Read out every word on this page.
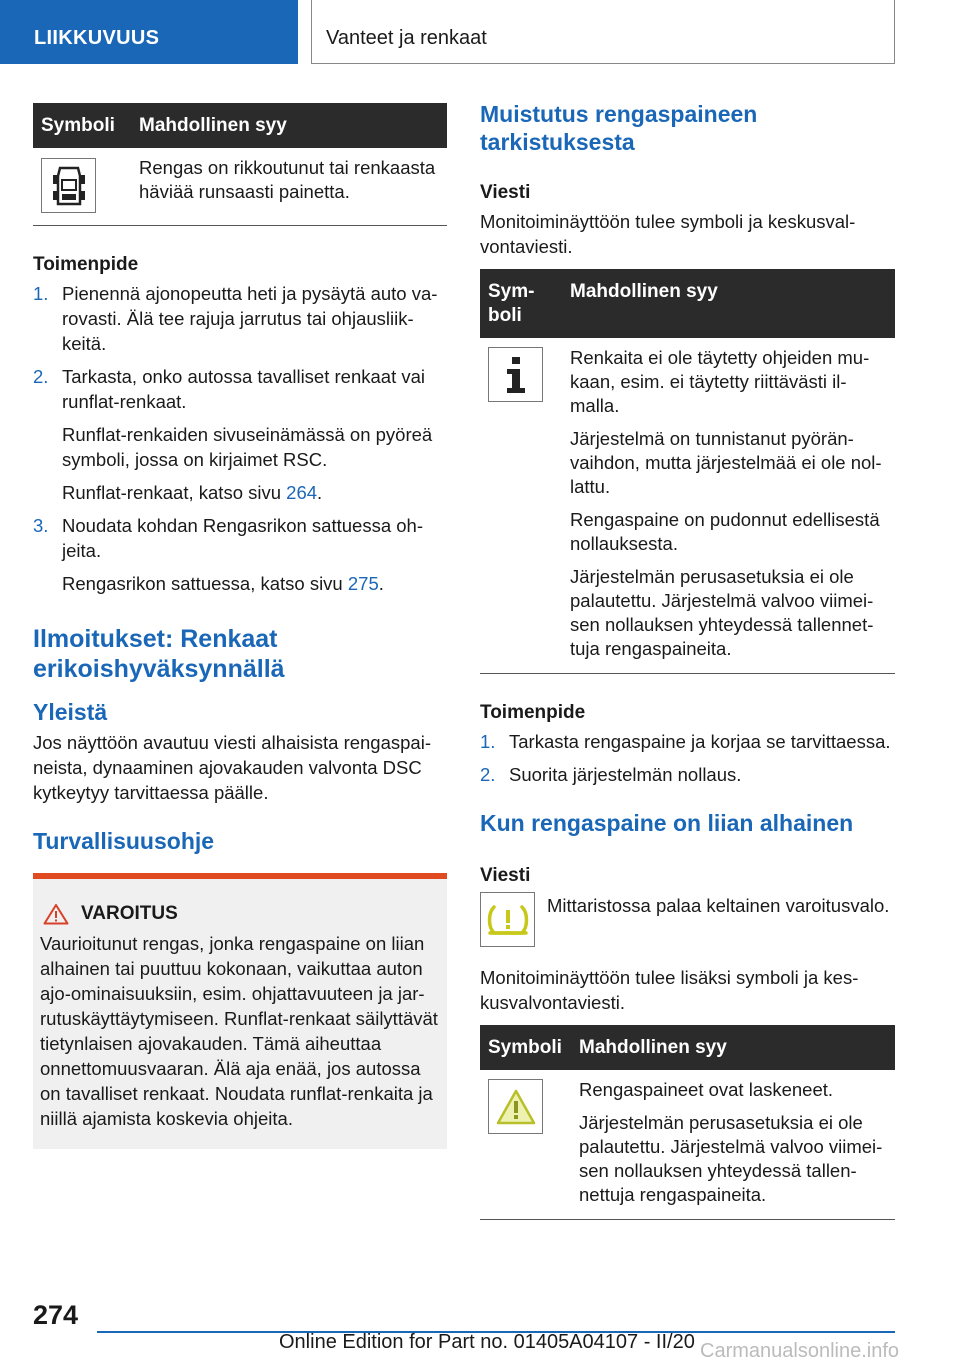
LIIKKUVUUS	Vanteet ja renkaat
Symboli	Mahdollinen syy

Rengas on rikkoutunut tai renkaasta häviää runsaasti painetta.

Toimenpide

1. Pienennä ajonopeutta heti ja pysäytä auto varovasti. Älä tee rajuja jarrutus tai ohjausliikkeitä.

2. Tarkasta, onko autossa tavalliset renkaat vai runflat-renkaat.

Runflat-renkaiden sivuseinämässä on pyöreä symboli, jossa on kirjaimet RSC.

Runflat-renkaat, katso sivu 264.

3. Noudata kohdan Rengasrikon sattuessa ohjeita.

Rengasrikon sattuessa, katso sivu 275.

Ilmoitukset: Renkaat erikoishyväksynnällä
Yleistä

Jos näyttöön avautuu viesti alhaisista rengaspaineista, dynaaminen ajovakauden valvonta DSC kytkeytyy tarvittaessa päälle.

Turvallisuusohje
VAROITUS

Vaurioitunut rengas, jonka rengaspaine on liian alhainen tai puuttuu kokonaan, vaikuttaa auton ajo-ominaisuuksiin, esim. ohjattavuuteen ja jarrutuskäyttäytymiseen. Runflat-renkaat säilyttävät tietynlaisen ajovakauden. Tämä aiheuttaa onnettomuusvaaran. Älä aja enää, jos autossa on tavalliset renkaat. Noudata runflat-renkaita ja niillä ajamista koskevia ohjeita.

Muistutus rengaspaineen tarkistuksesta

Viesti

Monitoiminäyttöön tulee symboli ja keskusvalvontaviesti.

Symboli	Mahdollinen syy

Renkaita ei ole täytetty ohjeiden mukaan, esim. ei täytetty riittävästi ilmalla.

Järjestelmä on tunnistanut pyöränvaihdon, mutta järjestelmää ei ole nollattu.

Rengaspaine on pudonnut edellisestä nollauksesta.

Järjestelmän perusasetuksia ei ole palautettu. Järjestelmä valvoo viimeisen nollauksen yhteydessä tallennettuja rengaspaineita.

Toimenpide

1. Tarkasta rengaspaine ja korjaa se tarvittaessa.

2. Suorita järjestelmän nollaus.

Kun rengaspaine on liian alhainen

Viesti

Mittaristossa palaa keltainen varoitusvalo.

Monitoiminäyttöön tulee lisäksi symboli ja keskusvalvontaviesti.

Symboli	Mahdollinen syy

Rengaspaineet ovat laskeneet.

Järjestelmän perusasetuksia ei ole palautettu. Järjestelmä valvoo viimeisen nollauksen yhteydessä tallennettuja rengaspaineita.

274
Online Edition for Part no. 01405A04107 - II/20 Carmanualsonline.info
